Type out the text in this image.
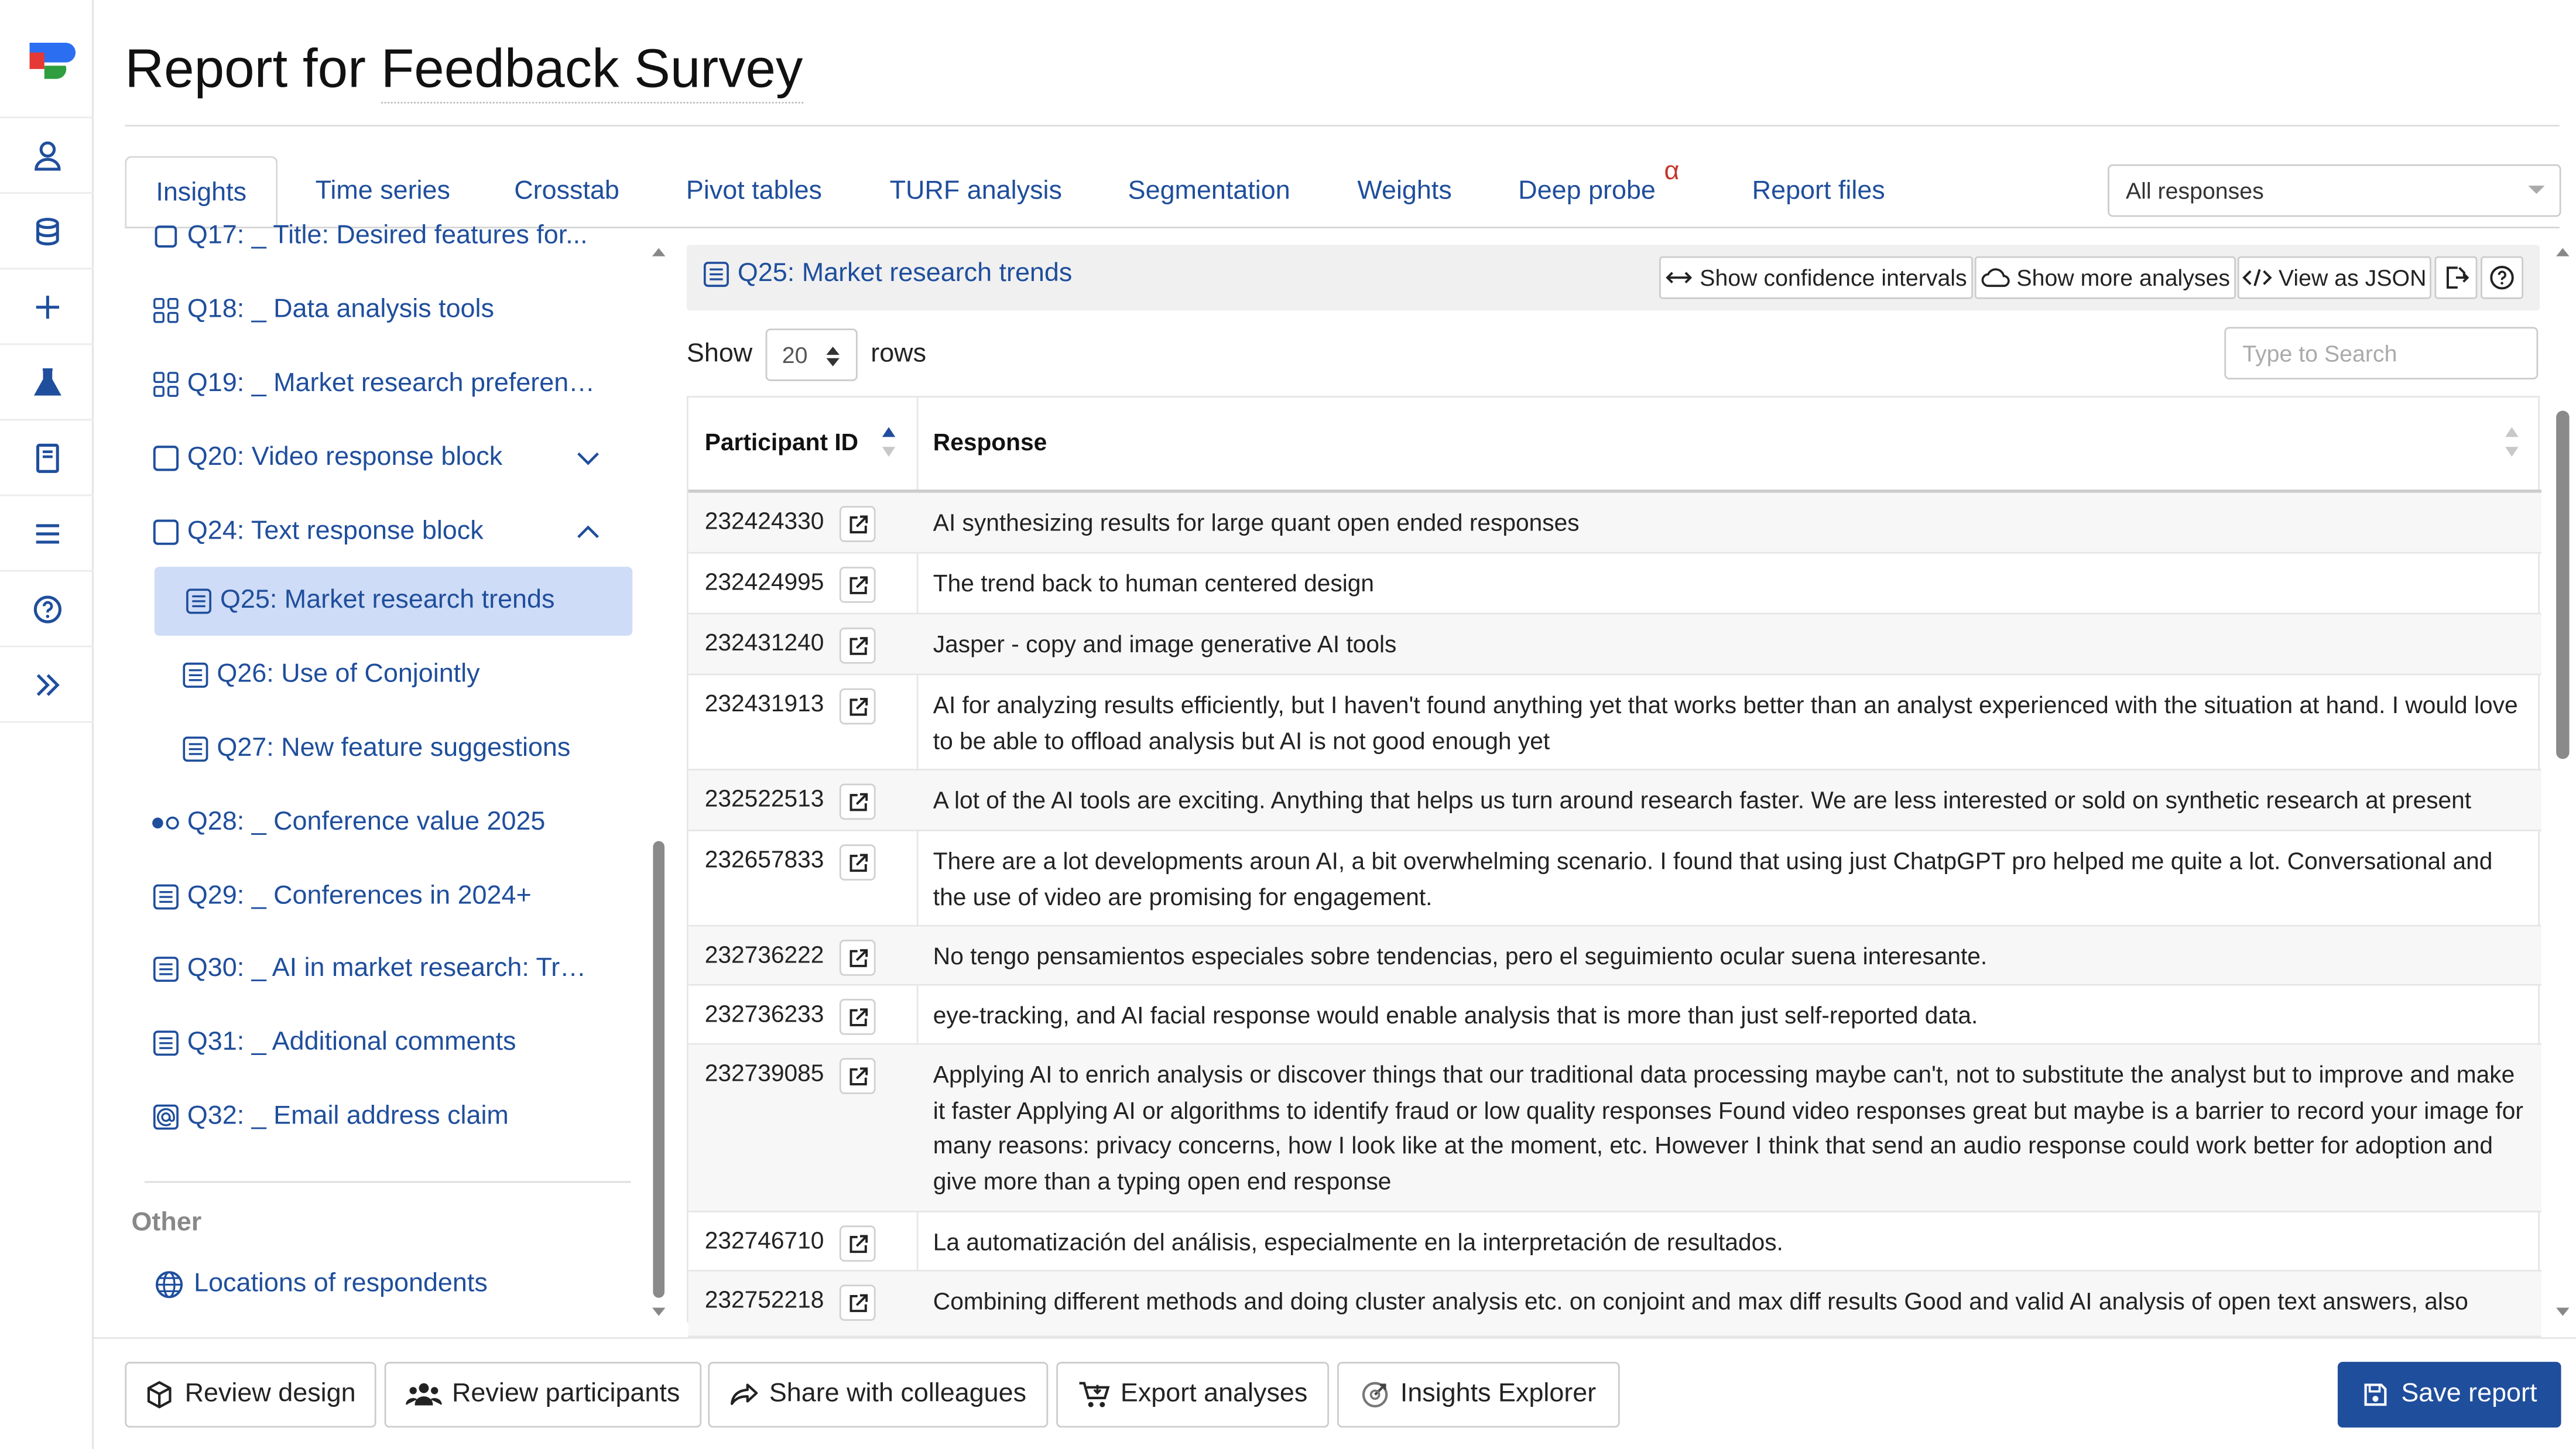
Report for Feedback Survey
Insights	Time series	Crosstab	Pivot tables	TURF analysis	Segmentation	Weights	Deep probe	Report files
α
All responses
Q17: _ Title: Desired features for...
Q18: _ Data analysis tools
Q19: _ Market research preferen…
Q20: Video response block
Q24: Text response block
Q25: Market research trends
Q26: Use of Conjointly
Q27: New feature suggestions
Q28: _ Conference value 2025
Q29: _ Conferences in 2024+
Q30: _ AI in market research: Tr…
Q31: _ Additional comments
Q32: _ Email address claim
Other
Locations of respondents
Q25: Market research trends	Show confidence intervals	Show more analyses	View as JSON
Show	20	rows
Type to Search
Participant ID	Response
232424330	AI synthesizing results for large quant open ended responses
232424995	The trend back to human centered design
232431240	Jasper - copy and image generative AI tools
232431913	AI for analyzing results efficiently, but I haven't found anything yet that works better than an analyst experienced with the situation at hand. I would love to be able to offload analysis but AI is not good enough yet
232522513	A lot of the AI tools are exciting. Anything that helps us turn around research faster. We are less interested or sold on synthetic research at present
232657833	There are a lot developments aroun AI, a bit overwhelming scenario. I found that using just ChatpGPT pro helped me quite a lot. Conversational and the use of video are promising for engagement.
232736222	No tengo pensamientos especiales sobre tendencias, pero el seguimiento ocular suena interesante.
232736233	eye-tracking, and AI facial response would enable analysis that is more than just self-reported data.
232739085	Applying AI to enrich analysis or discover things that our traditional data processing maybe can't, not to substitute the analyst but to improve and make it faster Applying AI or algorithms to identify fraud or low quality responses Found video responses great but maybe is a barrier to record your image for many reasons: privacy concerns, how I look like at the moment, etc. However I think that send an audio response could work better for adoption and give more than a typing open end response
232746710	La automatización del análisis, especialmente en la interpretación de resultados.
232752218	Combining different methods and doing cluster analysis etc. on conjoint and max diff results Good and valid AI analysis of open text answers, also
Review design	Review participants	Share with colleagues	Export analyses	Insights Explorer	Save report
